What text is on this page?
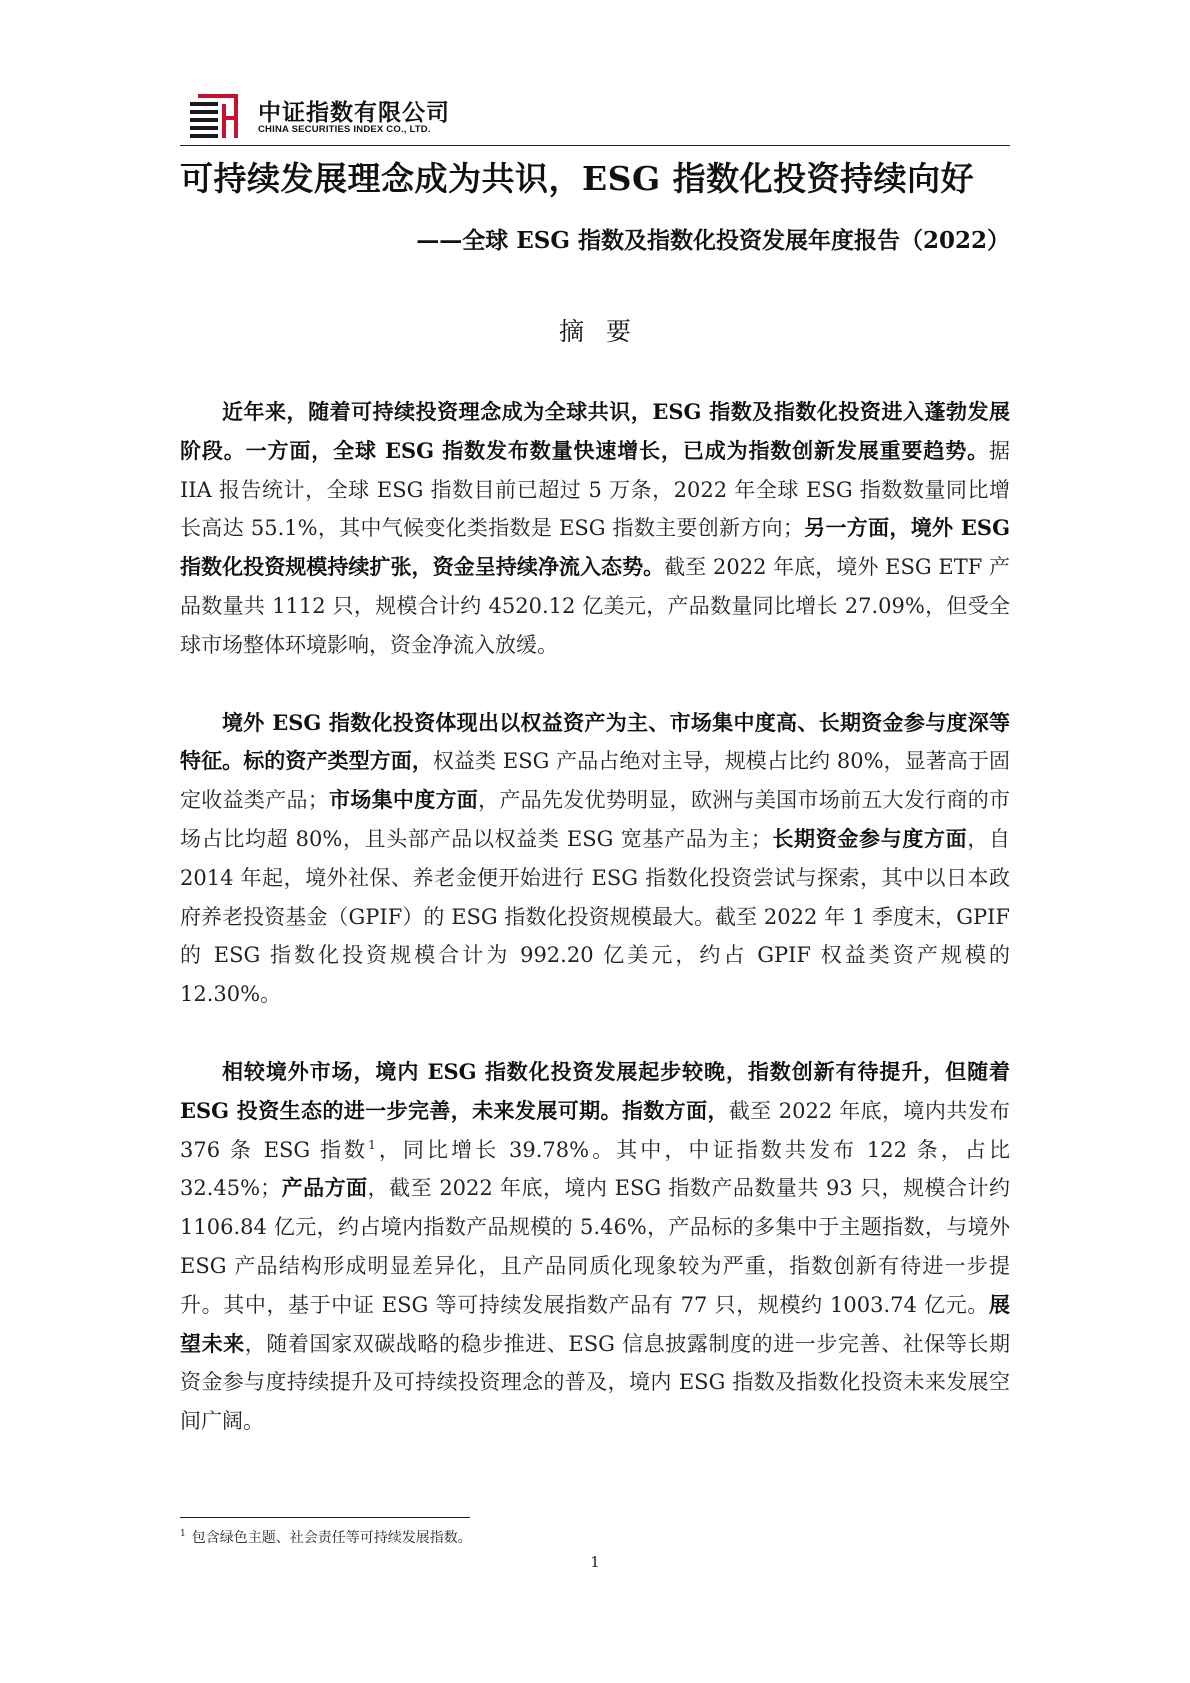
中证指数有限公司
CHINA SECURITIES INDEX CO., LTD.
可持续发展理念成为共识，ESG 指数化投资持续向好
——全球 ESG 指数及指数化投资发展年度报告（2022）
摘要

近年来，随着可持续投资理念成为全球共识，ESG 指数及指数化投资进入蓬勃发展阶段。一方面，全球 ESG 指数发布数量快速增长，已成为指数创新发展重要趋势。据 IIA 报告统计，全球 ESG 指数目前已超过 5 万条，2022 年全球 ESG 指数数量同比增长高达 55.1%，其中气候变化类指数是 ESG 指数主要创新方向；另一方面，境外 ESG 指数化投资规模持续扩张，资金呈持续净流入态势。截至 2022 年底，境外 ESG ETF 产品数量共 1112 只，规模合计约 4520.12 亿美元，产品数量同比增长 27.09%，但受全球市场整体环境影响，资金净流入放缓。

境外 ESG 指数化投资体现出以权益资产为主、市场集中度高、长期资金参与度深等特征。标的资产类型方面，权益类 ESG 产品占绝对主导，规模占比约 80%，显著高于固定收益类产品；市场集中度方面，产品先发优势明显，欧洲与美国市场前五大发行商的市场占比均超 80%，且头部产品以权益类 ESG 宽基产品为主；长期资金参与度方面，自 2014 年起，境外社保、养老金便开始进行 ESG 指数化投资尝试与探索，其中以日本政府养老投资基金（GPIF）的 ESG 指数化投资规模最大。截至 2022 年 1 季度末，GPIF 的 ESG 指数化投资规模合计为 992.20 亿美元，约占 GPIF 权益类资产规模的 12.30%。

相较境外市场，境内 ESG 指数化投资发展起步较晚，指数创新有待提升，但随着 ESG 投资生态的进一步完善，未来发展可期。指数方面，截至 2022 年底，境内共发布 376 条 ESG 指数$^1$，同比增长 39.78%。其中，中证指数共发布 122 条，占比 32.45%；产品方面，截至 2022 年底，境内 ESG 指数产品数量共 93 只，规模合计约 1106.84 亿元，约占境内指数产品规模的 5.46%，产品标的多集中于主题指数，与境外 ESG 产品结构形成明显差异化，且产品同质化现象较为严重，指数创新有待进一步提升。其中，基于中证 ESG 等可持续发展指数产品有 77 只，规模约 1003.74 亿元。展望未来，随着国家双碳战略的稳步推进、ESG 信息披露制度的进一步完善、社保等长期资金参与度持续提升及可持续投资理念的普及，境内 ESG 指数及指数化投资未来发展空间广阔。

$^1$ 包含绿色主题、社会责任等可持续发展指数。
1
